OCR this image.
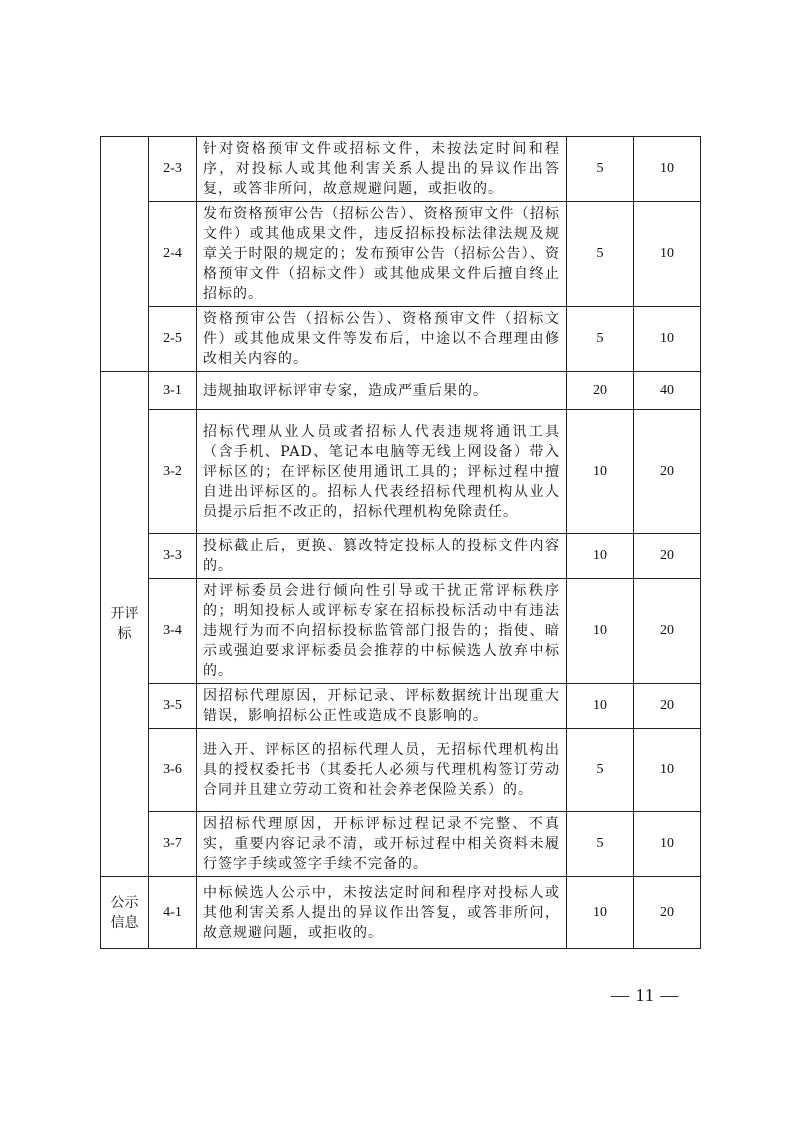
	2-3	针对资格预审文件或招标文件，未按法定时间和程序，对投标人或其他利害关系人提出的异议作出答复，或答非所问，故意规避问题，或拒收的。	5	10
	2-4	发布资格预审公告（招标公告）、资格预审文件（招标文件）或其他成果文件，违反招标投标法律法规及规章关于时限的规定的；发布预审公告（招标公告）、资格预审文件（招标文件）或其他成果文件后擅自终止招标的。	5	10
	2-5	资格预审公告（招标公告）、资格预审文件（招标文件）或其他成果文件等发布后，中途以不合理理由修改相关内容的。	5	10
开评标	3-1	违规抽取评标评审专家，造成严重后果的。	20	40
	3-2	招标代理从业人员或者招标人代表违规将通讯工具（含手机、PAD、笔记本电脑等无线上网设备）带入评标区的；在评标区使用通讯工具的；评标过程中擅自进出评标区的。招标人代表经招标代理机构从业人员提示后拒不改正的，招标代理机构免除责任。	10	20
	3-3	投标截止后，更换、篡改特定投标人的投标文件内容的。	10	20
	3-4	对评标委员会进行倾向性引导或干扰正常评标秩序的；明知投标人或评标专家在招标投标活动中有违法违规行为而不向招标投标监管部门报告的；指使、暗示或强迫要求评标委员会推荐的中标候选人放弃中标的。	10	20
	3-5	因招标代理原因，开标记录、评标数据统计出现重大错误，影响招标公正性或造成不良影响的。	10	20
	3-6	进入开、评标区的招标代理人员，无招标代理机构出具的授权委托书（其委托人必须与代理机构签订劳动合同并且建立劳动工资和社会养老保险关系）的。	5	10
	3-7	因招标代理原因，开标评标过程记录不完整、不真实，重要内容记录不清，或开标过程中相关资料未履行签字手续或签字手续不完备的。	5	10
公示信息	4-1	中标候选人公示中，未按法定时间和程序对投标人或其他利害关系人提出的异议作出答复，或答非所问，故意规避问题，或拒收的。	10	20
— 11 —
